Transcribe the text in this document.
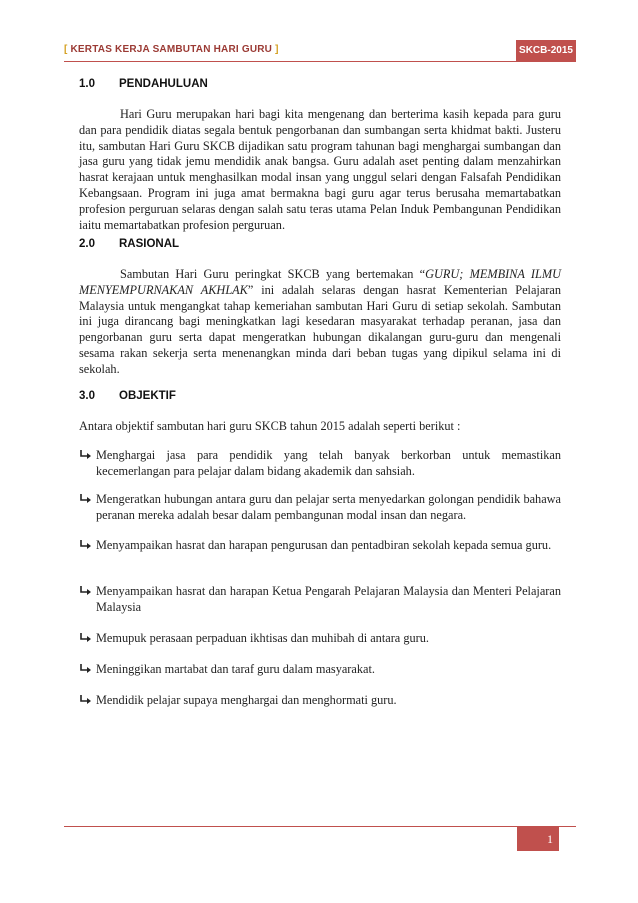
[ KERTAS KERJA SAMBUTAN HARI GURU ]	SKCB-2015
1.0 PENDAHULUAN
Hari Guru merupakan hari bagi kita mengenang dan berterima kasih kepada para guru dan para pendidik diatas segala bentuk pengorbanan dan sumbangan serta khidmat bakti. Justeru itu, sambutan Hari Guru SKCB dijadikan satu program tahunan bagi menghargai sumbangan dan jasa guru yang tidak jemu mendidik anak bangsa. Guru adalah aset penting dalam menzahirkan hasrat kerajaan untuk menghasilkan modal insan yang unggul selari dengan Falsafah Pendidikan Kebangsaan. Program ini juga amat bermakna bagi guru agar terus berusaha memartabatkan profesion perguruan selaras dengan salah satu teras utama Pelan Induk Pembangunan Pendidikan iaitu memartabatkan profesion perguruan.
2.0 RASIONAL
Sambutan Hari Guru peringkat SKCB yang bertemakan “GURU; MEMBINA ILMU MENYEMPURNAKAN AKHLAK” ini adalah selaras dengan hasrat Kementerian Pelajaran Malaysia untuk mengangkat tahap kemeriahan sambutan Hari Guru di setiap sekolah. Sambutan ini juga dirancang bagi meningkatkan lagi kesedaran masyarakat terhadap peranan, jasa dan pengorbanan guru serta dapat mengeratkan hubungan dikalangan guru-guru dan mengenali sesama rakan sekerja serta menenangkan minda dari beban tugas yang dipikul selama ini di sekolah.
3.0 OBJEKTIF
Antara objektif sambutan hari guru SKCB tahun 2015 adalah seperti berikut :
Menghargai jasa para pendidik yang telah banyak berkorban untuk memastikan kecemerlangan para pelajar dalam bidang akademik dan sahsiah.
Mengeratkan hubungan antara guru dan pelajar serta menyedarkan golongan pendidik bahawa peranan mereka adalah besar dalam pembangunan modal insan dan negara.
Menyampaikan hasrat dan harapan pengurusan dan pentadbiran sekolah kepada semua guru.
Menyampaikan hasrat dan harapan Ketua Pengarah Pelajaran Malaysia dan Menteri Pelajaran Malaysia
Memupuk perasaan perpaduan ikhtisas dan muhibah di antara guru.
Meninggikan martabat dan taraf guru dalam masyarakat.
Mendidik pelajar supaya menghargai dan menghormati guru.
1
